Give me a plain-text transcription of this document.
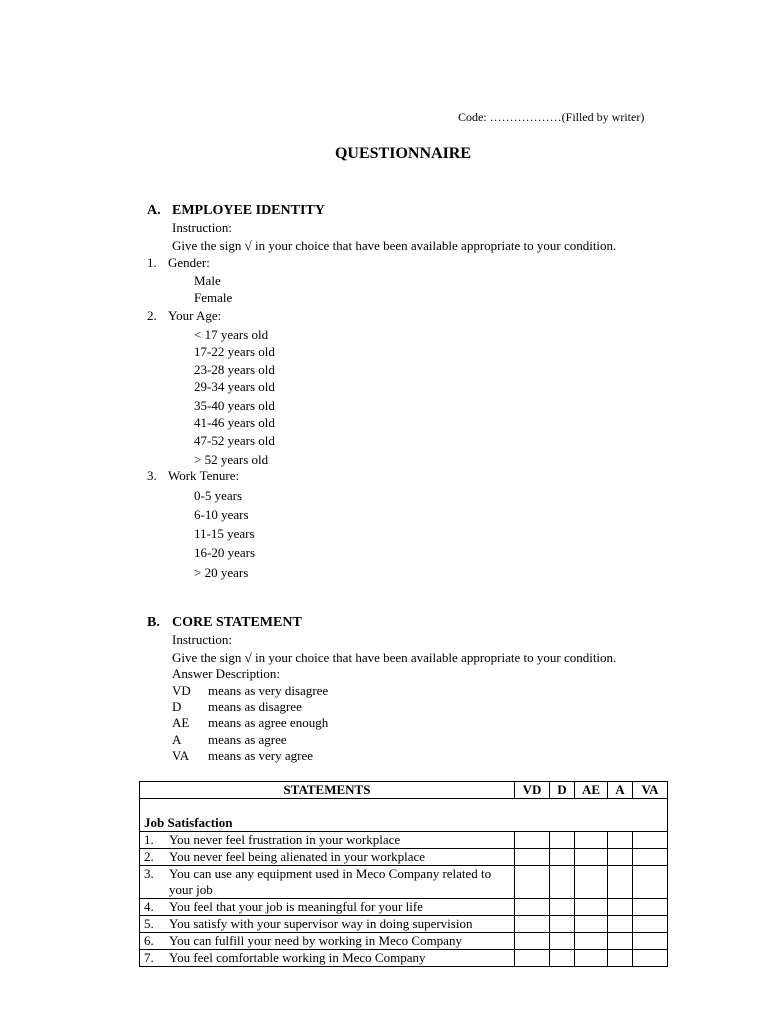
Code: ………………(Filled by writer)
QUESTIONNAIRE
A. EMPLOYEE IDENTITY
Instruction:
Give the sign √ in your choice that have been available appropriate to your condition.
1. Gender:
Male
Female
2. Your Age:
< 17 years old
17-22 years old
23-28 years old
29-34 years old
35-40 years old
41-46 years old
47-52 years old
> 52 years old
3. Work Tenure:
0-5 years
6-10 years
11-15 years
16-20 years
> 20 years
B. CORE STATEMENT
Instruction:
Give the sign √ in your choice that have been available appropriate to your condition.
Answer Description:
VD means as very disagree
D means as disagree
AE means as agree enough
A means as agree
VA means as very agree
STATEMENTS	VD	D	AE	A	VA
Job Satisfaction					

1. You never feel frustration in your workplace					

2. You never feel being alienated in your workplace					

3. You can use any equipment used in Meco Company related to your job					

4. You feel that your job is meaningful for your life					

5. You satisfy with your supervisor way in doing supervision					

6. You can fulfill your need by working in Meco Company					

7. You feel comfortable working in Meco Company					
